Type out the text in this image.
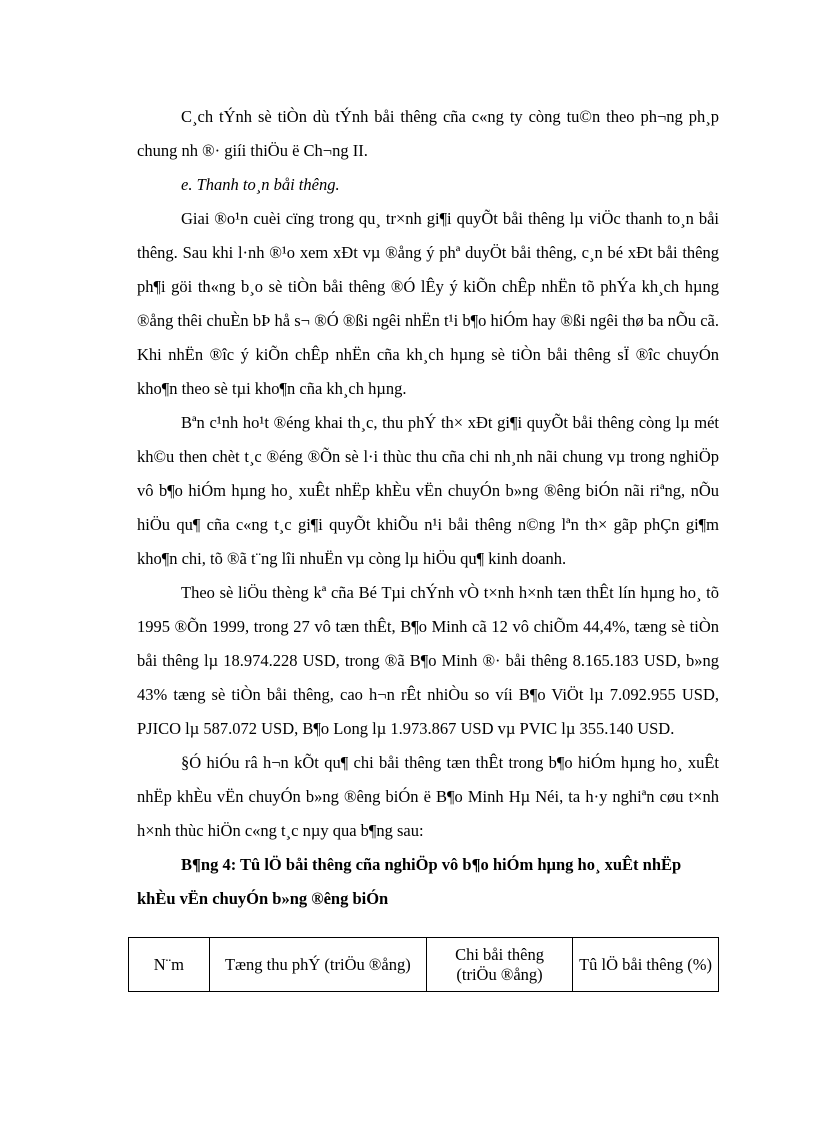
C¸ch tÝnh sè tiÒn dù tÝnh båi thêng cña c«ng ty còng tu©n theo ph¬ng ph¸p chung nh ®· giíi thiÖu ë Ch¬ng II.

e. Thanh to¸n båi thêng.

Giai ®o¹n cuèi cïng trong qu¸ tr×nh gi¶i quyÕt båi thêng lµ viÖc thanh to¸n båi thêng. Sau khi l·nh ®¹o xem xÐt vµ ®ång ý phª duyÖt båi thêng, c¸n bé xÐt båi thêng ph¶i göi th«ng b¸o sè tiÒn båi thêng ®Ó lÊy ý kiÕn chÊp nhËn tõ phÝa kh¸ch hµng ®ång thêi chuÈn bÞ hå s¬ ®Ó ®ßi ngêi nhËn t¹i b¶o hiÓm hay ®ßi ngêi thø ba nÕu cã. Khi nhËn ®îc ý kiÕn chÊp nhËn cña kh¸ch hµng sè tiÒn båi thêng sÏ ®îc chuyÓn kho¶n theo sè tµi kho¶n cña kh¸ch hµng.

Bªn c¹nh ho¹t ®éng khai th¸c, thu phÝ th× xÐt gi¶i quyÕt båi thêng còng lµ mét kh©u then chèt t¸c ®éng ®Õn sè l·i thùc thu cña chi nh¸nh nãi chung vµ trong nghiÖp vô b¶o hiÓm hµng ho¸ xuÊt nhËp khÈu vËn chuyÓn b»ng ®êng biÓn nãi riªng, nÕu hiÖu qu¶ cña c«ng t¸c gi¶i quyÕt khiÕu n¹i båi thêng n©ng lªn th× gãp phÇn gi¶m kho¶n chi, tõ ®ã t¨ng lîi nhuËn vµ còng lµ hiÖu qu¶ kinh doanh.

Theo sè liÖu thèng kª cña Bé Tµi chÝnh vÒ t×nh h×nh tæn thÊt lín hµng ho¸ tõ 1995 ®Õn 1999, trong 27 vô tæn thÊt, B¶o Minh cã 12 vô chiÕm 44,4%, tæng sè tiÒn båi thêng lµ 18.974.228 USD, trong ®ã B¶o Minh ®· båi thêng 8.165.183 USD, b»ng 43% tæng sè tiÒn båi thêng, cao h¬n rÊt nhiÒu so víi B¶o ViÖt lµ 7.092.955 USD, PJICO lµ 587.072 USD, B¶o Long lµ 1.973.867 USD vµ PVIC lµ 355.140 USD.

§Ó hiÓu râ h¬n kÕt qu¶ chi båi thêng tæn thÊt trong b¶o hiÓm hµng ho¸ xuÊt nhËp khÈu vËn chuyÓn b»ng ®êng biÓn ë B¶o Minh Hµ Néi, ta h·y nghiªn cøu t×nh h×nh thùc hiÖn c«ng t¸c nµy qua b¶ng sau:

B¶ng 4: Tû lÖ båi thêng cña nghiÖp vô b¶o hiÓm hµng ho¸ xuÊt nhËp khÈu vËn chuyÓn b»ng ®êng biÓn

N¨m	Tæng thu phÝ (triÖu ®ång)	Chi båi thêng (triÖu ®ång)	Tû lÖ båi thêng (%)
